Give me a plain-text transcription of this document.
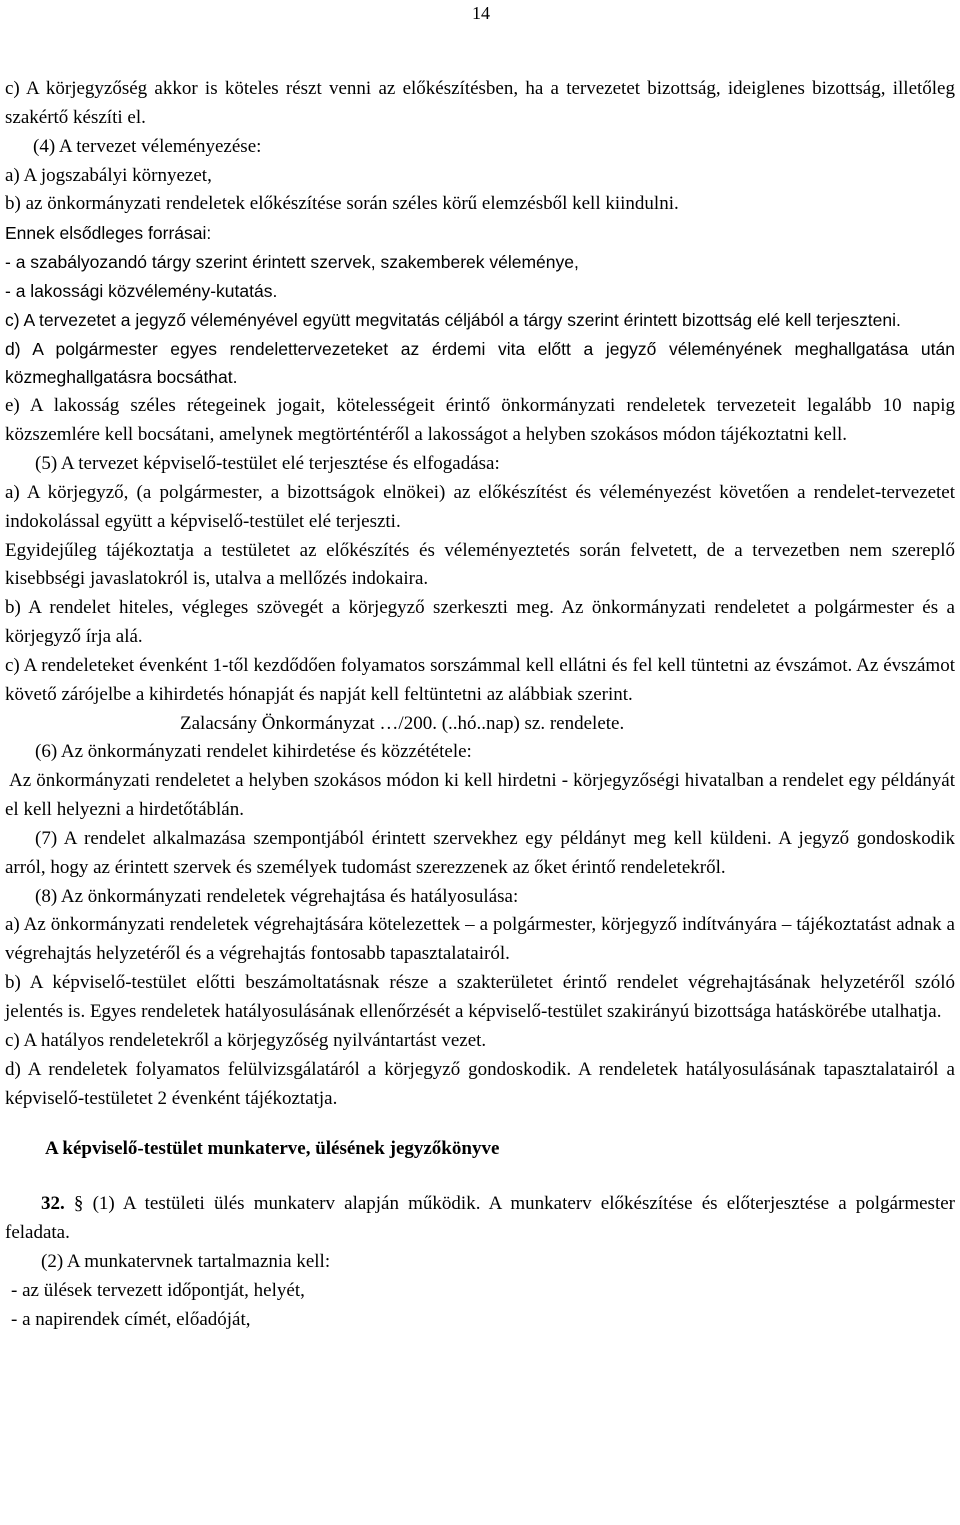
14

c) A körjegyzőség akkor is köteles részt venni az előkészítésben, ha a tervezetet bizottság, ideiglenes bizottság, illetőleg szakértő készíti el.

(4) A tervezet véleményezése:

a) A jogszabályi környezet,

b) az önkormányzati rendeletek előkészítése során széles körű elemzésből kell kiindulni.

Ennek elsődleges forrásai:

- a szabályozandó tárgy szerint érintett szervek, szakemberek véleménye,

- a lakossági közvélemény-kutatás.

c) A tervezetet a jegyző véleményével együtt megvitatás céljából a tárgy szerint érintett bizottság elé kell terjeszteni.

d) A polgármester egyes rendelettervezeteket az érdemi vita előtt a jegyző véleményének meghallgatása után közmeghallgatásra bocsáthat.

e) A lakosság széles rétegeinek jogait, kötelességeit érintő önkormányzati rendeletek tervezeteit legalább 10 napig közszemlére kell bocsátani, amelynek megtörténtéről a lakosságot a helyben szokásos módon tájékoztatni kell.

(5) A tervezet képviselő-testület elé terjesztése és elfogadása:

a) A körjegyző, (a polgármester, a bizottságok elnökei) az előkészítést és véleményezést követően a rendelet-tervezetet indokolással együtt a képviselő-testület elé terjeszti.

Egyidejűleg tájékoztatja a testületet az előkészítés és véleményeztetés során felvetett, de a tervezetben nem szereplő kisebbségi javaslatokról is, utalva a mellőzés indokaira.

b) A rendelet hiteles, végleges szövegét a körjegyző szerkeszti meg. Az önkormányzati rendeletet a polgármester és a körjegyző írja alá.

c) A rendeleteket évenként 1-től kezdődően folyamatos sorszámmal kell ellátni és fel kell tüntetni az évszámot. Az évszámot követő zárójelbe a kihirdetés hónapját és napját kell feltüntetni az alábbiak szerint.

Zalacsány Önkormányzat …/200. (..hó..nap) sz. rendelete.

(6) Az önkormányzati rendelet kihirdetése és közzététele:

Az önkormányzati rendeletet a helyben szokásos módon ki kell hirdetni - körjegyzőségi hivatalban a rendelet egy példányát el kell helyezni a hirdetőtáblán.

(7) A rendelet alkalmazása szempontjából érintett szervekhez egy példányt meg kell küldeni. A jegyző gondoskodik arról, hogy az érintett szervek és személyek tudomást szerezzenek az őket érintő rendeletekről.

(8) Az önkormányzati rendeletek végrehajtása és hatályosulása:

a) Az önkormányzati rendeletek végrehajtására kötelezettek – a polgármester, körjegyző indítványára – tájékoztatást adnak a végrehajtás helyzetéről és a végrehajtás fontosabb tapasztalatairól.

b) A képviselő-testület előtti beszámoltatásnak része a szakterületet érintő rendelet végrehajtásának helyzetéről szóló jelentés is. Egyes rendeletek hatályosulásának ellenőrzését a képviselő-testület szakirányú bizottsága hatáskörébe utalhatja.

c) A hatályos rendeletekről a körjegyzőség nyilvántartást vezet.

d) A rendeletek folyamatos felülvizsgálatáról a körjegyző gondoskodik. A rendeletek hatályosulásának tapasztalatairól a képviselő-testületet 2 évenként tájékoztatja.

A képviselő-testület munkaterve, ülésének jegyzőkönyve

32. § (1) A testületi ülés munkaterv alapján működik. A munkaterv előkészítése és előterjesztése a polgármester feladata.

(2) A munkatervnek tartalmaznia kell:

- az ülések tervezett időpontját, helyét,

- a napirendek címét, előadóját,
